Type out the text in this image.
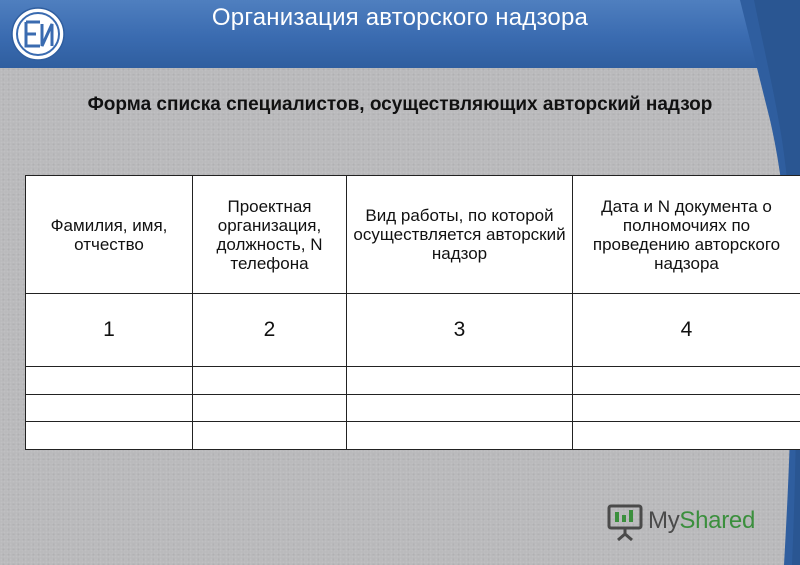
Организация авторского надзора
Форма списка специалистов, осуществляющих авторский надзор
Фамилия, имя, отчество	Проектная организация, должность, N телефона	Вид работы, по которой осуществляется авторский надзор	Дата и N документа о полномочиях по проведению авторского надзора
1	2	3	4

MyShared
